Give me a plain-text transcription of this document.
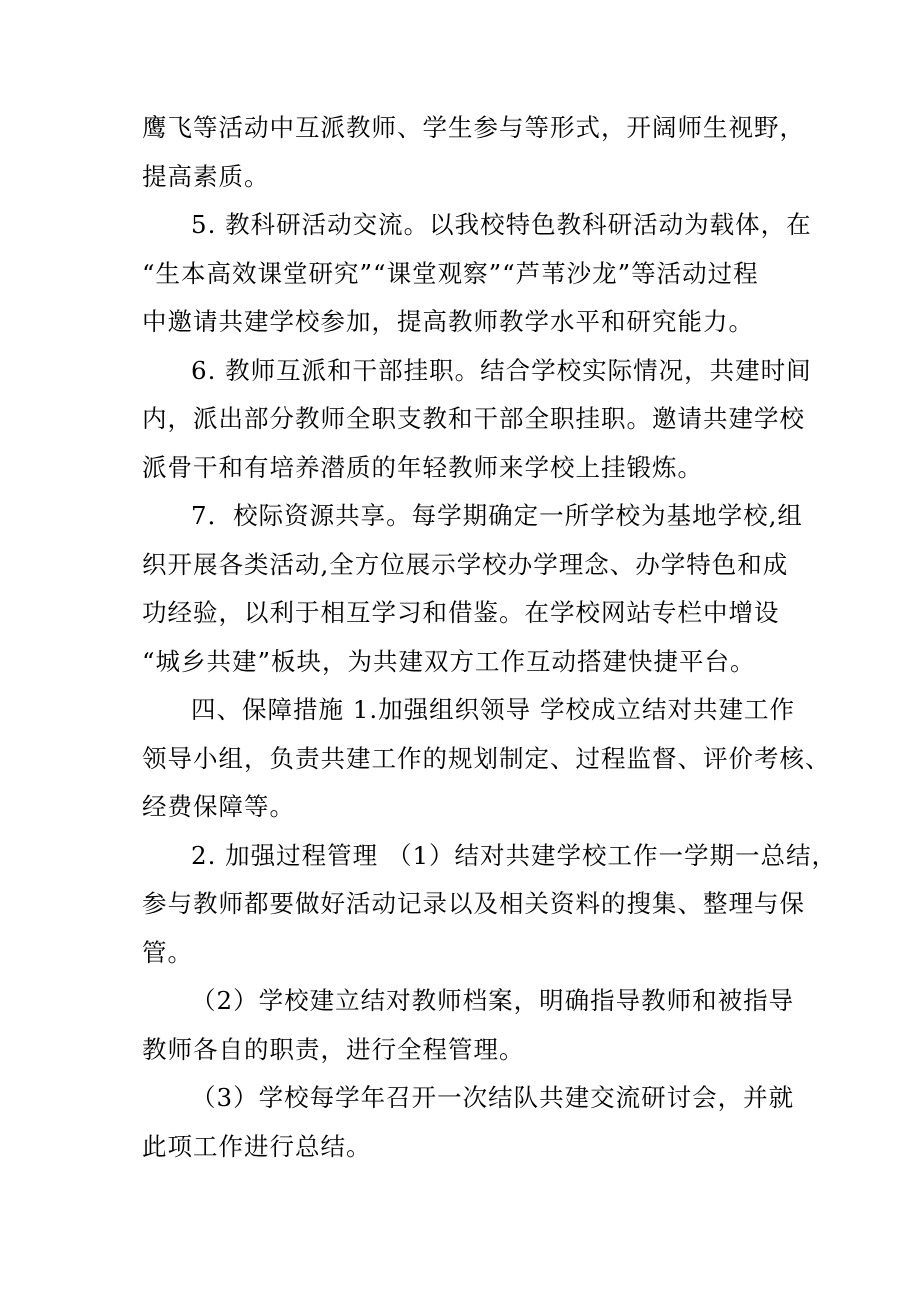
鹰飞等活动中互派教师、学生参与等形式，开阔师生视野，
提高素质。

5. 教科研活动交流。以我校特色教科研活动为载体，在
“生本高效课堂研究”“课堂观察”“芦苇沙龙”等活动过程
中邀请共建学校参加，提高教师教学水平和研究能力。

6. 教师互派和干部挂职。结合学校实际情况，共建时间
内，派出部分教师全职支教和干部全职挂职。邀请共建学校
派骨干和有培养潜质的年轻教师来学校上挂锻炼。

7．校际资源共享。每学期确定一所学校为基地学校,组
织开展各类活动,全方位展示学校办学理念、办学特色和成
功经验，以利于相互学习和借鉴。在学校网站专栏中增设
“城乡共建”板块，为共建双方工作互动搭建快捷平台。

四、保障措施 1.加强组织领导 学校成立结对共建工作
领导小组，负责共建工作的规划制定、过程监督、评价考核、
经费保障等。

2. 加强过程管理 （1）结对共建学校工作一学期一总结，
参与教师都要做好活动记录以及相关资料的搜集、整理与保
管。

（2）学校建立结对教师档案，明确指导教师和被指导
教师各自的职责，进行全程管理。

（3）学校每学年召开一次结队共建交流研讨会，并就
此项工作进行总结。
